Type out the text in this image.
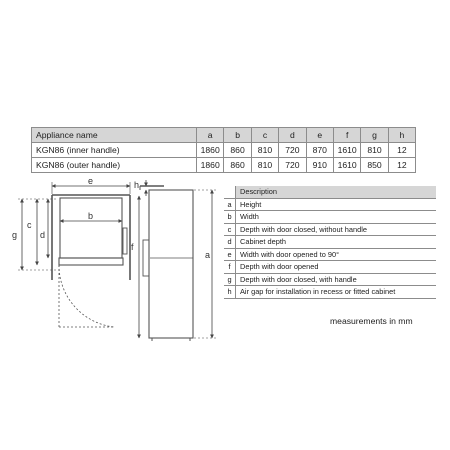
Appliance name	a	b	c	d	e	f	g	h
KGN86 (inner handle)	1860	860	810	720	870	1610	810	12
KGN86 (outer handle)	1860	860	810	720	910	1610	850	12
e
b
g
c
d
h
f
a
	Description
a	Height
b	Width
c	Depth with door closed, without handle
d	Cabinet depth
e	Width with door opened to 90°
f	Depth with door opened
g	Depth with door closed, with handle
h	Air gap for installation in recess or fitted cabinet
measurements in mm
